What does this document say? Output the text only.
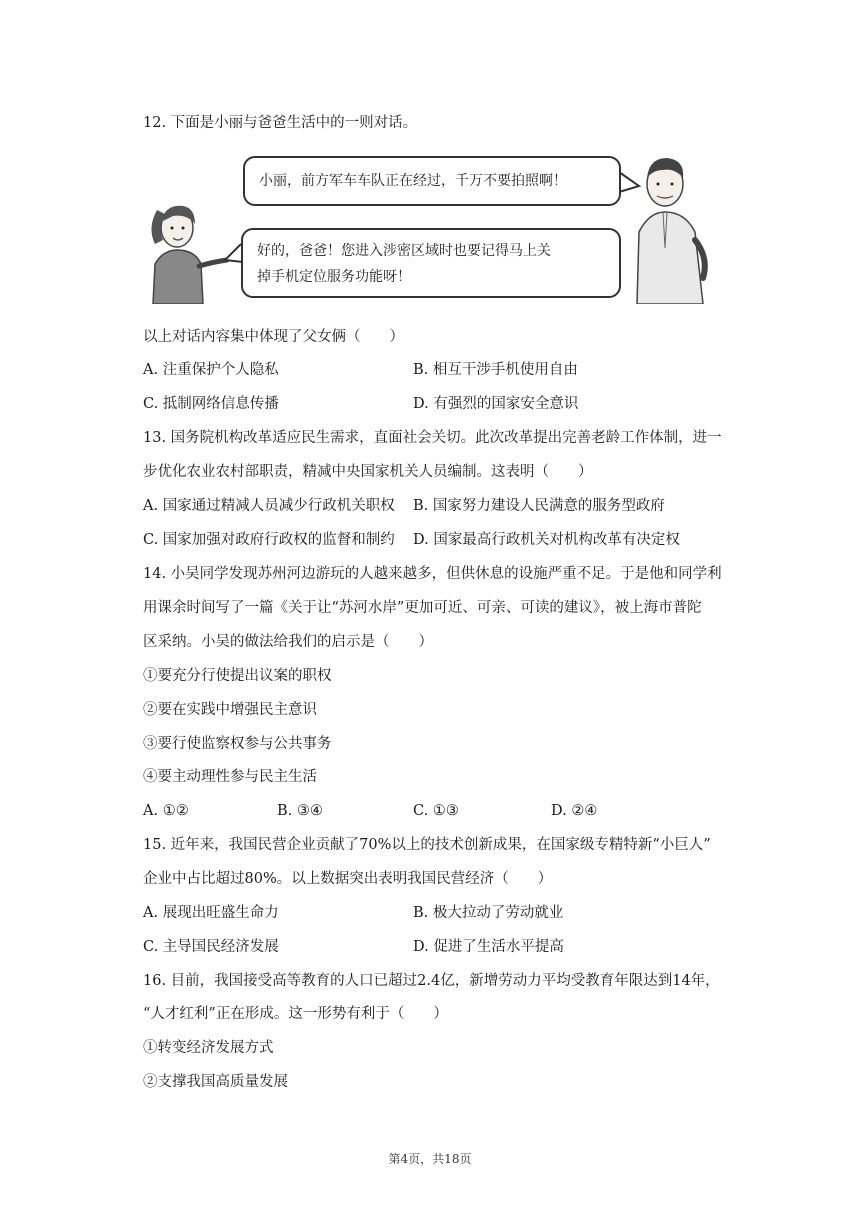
12. 下面是小丽与爸爸生活中的一则对话。
小丽，前方军车车队正在经过，千万不要拍照啊！
好的，爸爸！您进入涉密区域时也要记得马上关
掉手机定位服务功能呀！
以上对话内容集中体现了父女俩（　　）
A. 注重保护个人隐私	B. 相互干涉手机使用自由
C. 抵制网络信息传播	D. 有强烈的国家安全意识
13. 国务院机构改革适应民生需求，直面社会关切。此次改革提出完善老龄工作体制，进一
步优化农业农村部职责，精减中央国家机关人员编制。这表明（　　）
A. 国家通过精减人员减少行政机关职权 B. 国家努力建设人民满意的服务型政府
C. 国家加强对政府行政权的监督和制约 D. 国家最高行政机关对机构改革有决定权
14. 小吴同学发现苏州河边游玩的人越来越多，但供休息的设施严重不足。于是他和同学利
用课余时间写了一篇《关于让“苏河水岸”更加可近、可亲、可读的建议》，被上海市普陀
区采纳。小吴的做法给我们的启示是（　　）
①要充分行使提出议案的职权
②要在实践中增强民主意识
③要行使监察权参与公共事务
④要主动理性参与民主生活
A. ①②	B. ③④	C. ①③	D. ②④
15. 近年来，我国民营企业贡献了70%以上的技术创新成果，在国家级专精特新“小巨人”
企业中占比超过80%。以上数据突出表明我国民营经济（　　）
A. 展现出旺盛生命力	B. 极大拉动了劳动就业
C. 主导国民经济发展	D. 促进了生活水平提高
16. 目前，我国接受高等教育的人口已超过2.4亿，新增劳动力平均受教育年限达到14年，
“人才红利”正在形成。这一形势有利于（　　）
①转变经济发展方式
②支撑我国高质量发展
第4页，共18页
